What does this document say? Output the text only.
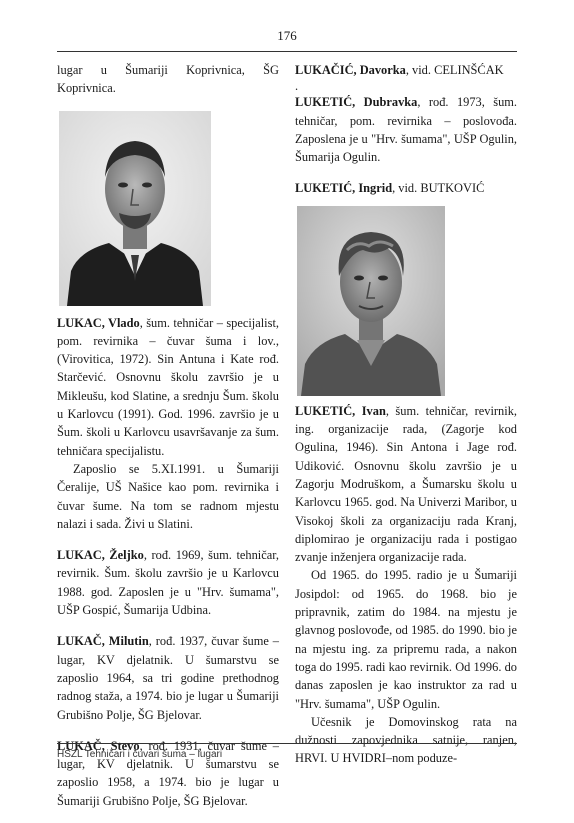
176

lugar u Šumariji Koprivnica, ŠG Koprivnica.

LUKAC, Vlado, šum. tehničar – specijalist, pom. revirnika – čuvar šuma i lov., (Virovitica, 1972). Sin Antuna i Kate rođ. Starčević. Osnovnu školu završio je u Mikleušu, kod Slatine, a srednju Šum. školu u Karlovcu (1991). God. 1996. završio je u Šum. školi u Karlovcu usavršavanje za šum. tehničara specijalistu.

Zaposlio se 5.XI.1991. u Šumariji Čeralije, UŠ Našice kao pom. revirnika i čuvar šume. Na tom se radnom mjestu nalazi i sada. Živi u Slatini.

LUKAC, Željko, rođ. 1969, šum. tehničar, revirnik. Šum. školu završio je u Karlovcu 1988. god. Zaposlen je u "Hrv. šumama", UŠP Gospić, Šumarija Udbina.

LUKAČ, Milutin, rođ. 1937, čuvar šume – lugar, KV djelatnik. U šumarstvu se zaposlio 1964, sa tri godine prethodnog radnog staža, a 1974. bio je lugar u Šumariji Grubišno Polje, ŠG Bjelovar.

LUKAČ, Stevo, rođ. 1931, čuvar šume – lugar, KV djelatnik. U šumarstvu se zaposlio 1958, a 1974. bio je lugar u Šumariji Grubišno Polje, ŠG Bjelovar.

LUKAČIĆ, Davorka, vid. CELINŠĆAK

.

LUKETIĆ, Dubravka, rođ. 1973, šum. tehničar, pom. revirnika – poslovođa. Zaposlena je u "Hrv. šumama", UŠP Ogulin, Šumarija Ogulin.

LUKETIĆ, Ingrid, vid. BUTKOVIĆ

LUKETIĆ, Ivan, šum. tehničar, revirnik, ing. organizacije rada, (Zagorje kod Ogulina, 1946). Sin Antona i Jage rođ. Udiković. Osnovnu školu završio je u Zagorju Modruškom, a Šumarsku školu u Karlovcu 1965. god. Na Univerzi Maribor, u Visokoj školi za organizaciju rada Kranj, diplomirao je organizaciju rada i postigao zvanje inženjera organizacije rada.

Od 1965. do 1995. radio je u Šumariji Josipdol: od 1965. do 1968. bio je pripravnik, zatim do 1984. na mjestu je glavnog poslovođe, od 1985. do 1990. bio je na mjestu ing. za pripremu rada, a nakon toga do 1995. radi kao revirnik. Od 1996. do danas zaposlen je kao instruktor za rad u "Hrv. šumama", UŠP Ogulin.

Učesnik je Domovinskog rata na dužnosti zapovjednika satnije, ranjen, HRVI. U HVIDRI–nom poduze-

HŠZL Tehničari i čuvari šuma – lugari
